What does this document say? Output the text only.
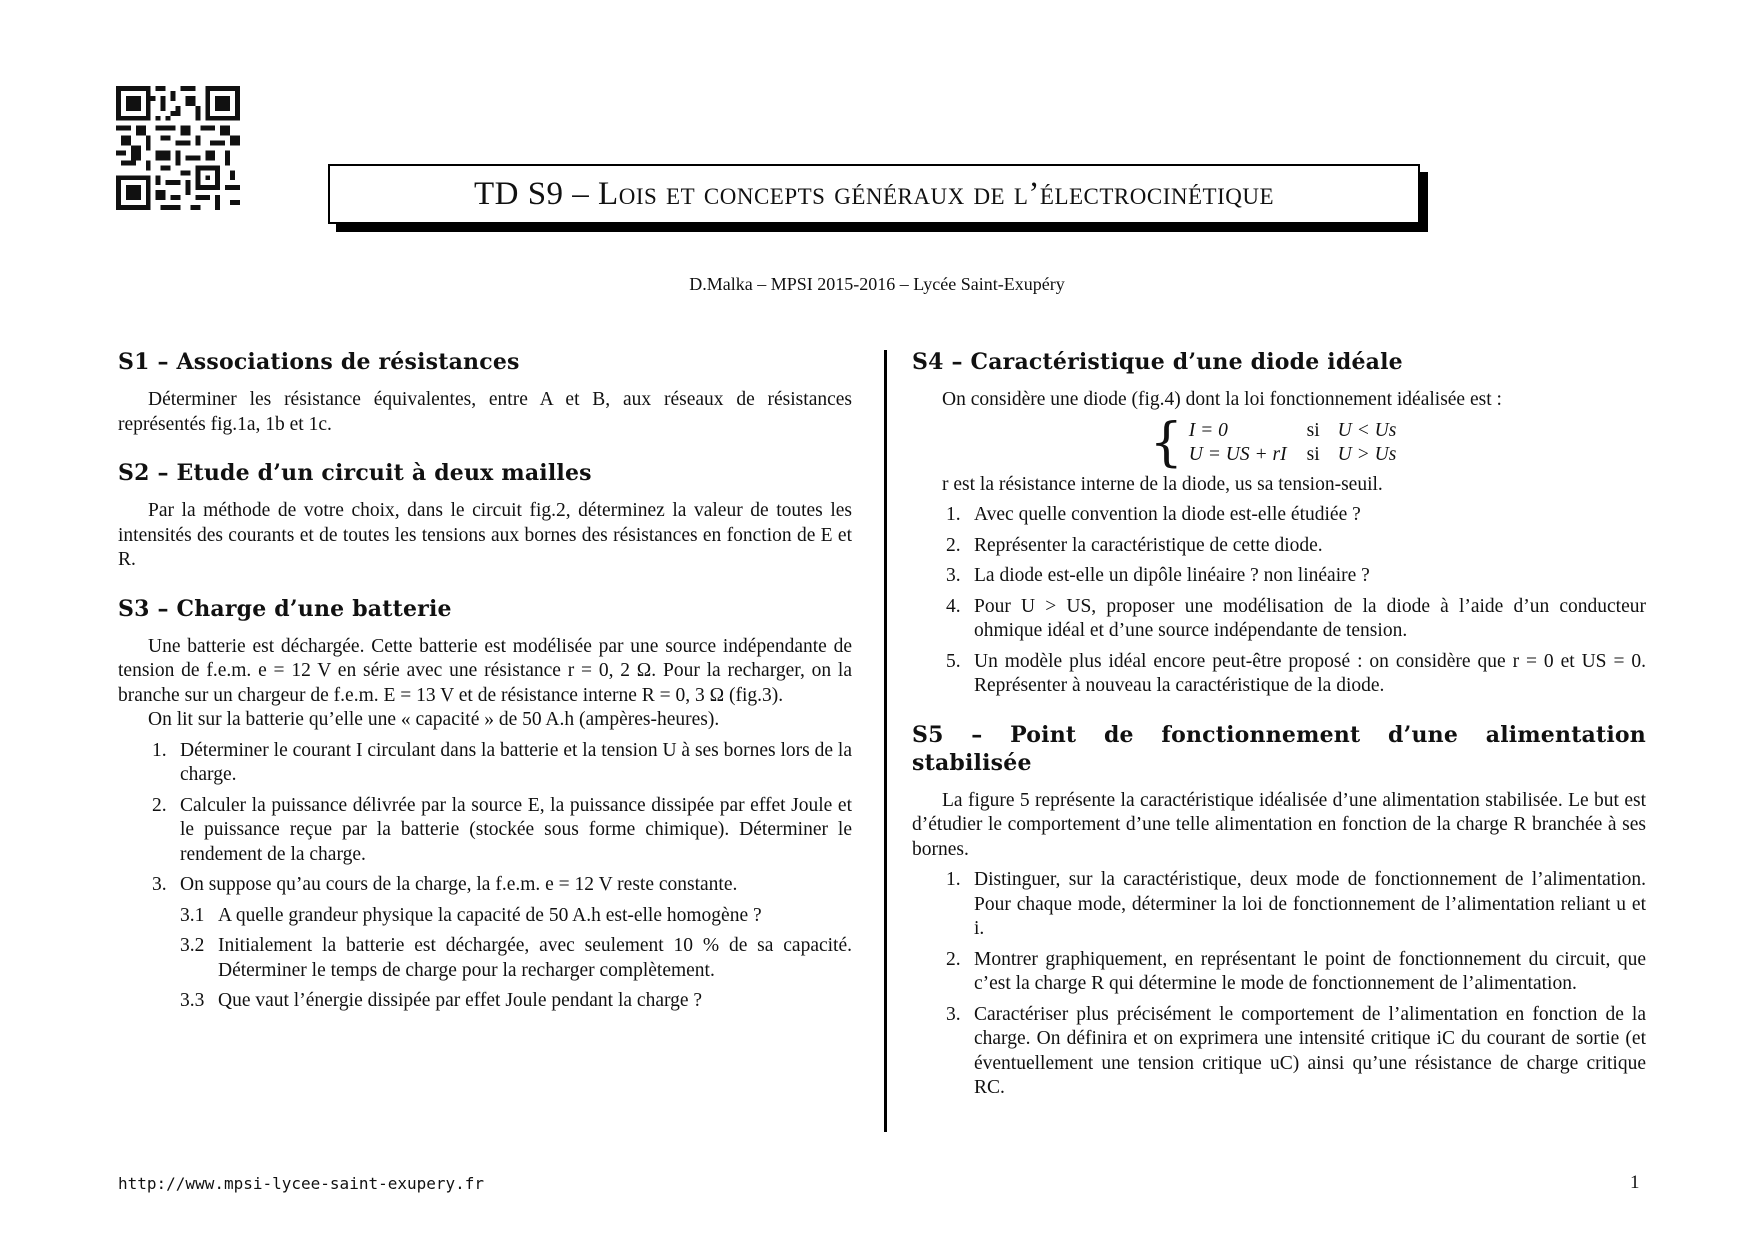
TD S9 – Lois et concepts généraux de l’électrocinétique
D.Malka – MPSI 2015-2016 – Lycée Saint-Exupéry
S1 – Associations de résistances

Déterminer les résistance équivalentes, entre A et B, aux réseaux de résistances représentés fig.1a, 1b et 1c.

S2 – Etude d’un circuit à deux mailles

Par la méthode de votre choix, dans le circuit fig.2, déterminez la valeur de toutes les intensités des courants et de toutes les tensions aux bornes des résistances en fonction de E et R.

S3 – Charge d’une batterie

Une batterie est déchargée. Cette batterie est modélisée par une source indépendante de tension de f.e.m. e = 12 V en série avec une résistance r = 0, 2 Ω. Pour la recharger, on la branche sur un chargeur de f.e.m. E = 13 V et de résistance interne R = 0, 3 Ω (fig.3).

On lit sur la batterie qu’elle une « capacité » de 50 A.h (ampères-heures).

1. Déterminer le courant I circulant dans la batterie et la tension U à ses bornes lors de la charge.
2. Calculer la puissance délivrée par la source E, la puissance dissipée par effet Joule et le puissance reçue par la batterie (stockée sous forme chimique). Déterminer le rendement de la charge.
3. On suppose qu’au cours de la charge, la f.e.m. e = 12 V reste constante.
3.1 A quelle grandeur physique la capacité de 50 A.h est-elle homogène ?
3.2 Initialement la batterie est déchargée, avec seulement 10 % de sa capacité. Déterminer le temps de charge pour la recharger complètement.
3.3 Que vaut l’énergie dissipée par effet Joule pendant la charge ?
S4 – Caractéristique d’une diode idéale

On considère une diode (fig.4) dont la loi fonctionnement idéalisée est :

{ I = 0	si	U < Us
U = US + rI	si	U > Us

r est la résistance interne de la diode, us sa tension-seuil.

1. Avec quelle convention la diode est-elle étudiée ?
2. Représenter la caractéristique de cette diode.
3. La diode est-elle un dipôle linéaire ? non linéaire ?
4. Pour U > US, proposer une modélisation de la diode à l’aide d’un conducteur ohmique idéal et d’une source indépendante de tension.
5. Un modèle plus idéal encore peut-être proposé : on considère que r = 0 et US = 0. Représenter à nouveau la caractéristique de la diode.
S5 – Point de fonctionnement d’une alimentation stabilisée

La figure 5 représente la caractéristique idéalisée d’une alimentation stabilisée. Le but est d’étudier le comportement d’une telle alimentation en fonction de la charge R branchée à ses bornes.

1. Distinguer, sur la caractéristique, deux mode de fonctionnement de l’alimentation. Pour chaque mode, déterminer la loi de fonctionnement de l’alimentation reliant u et i.
2. Montrer graphiquement, en représentant le point de fonctionnement du circuit, que c’est la charge R qui détermine le mode de fonctionnement de l’alimentation.
3. Caractériser plus précisément le comportement de l’alimentation en fonction de la charge. On définira et on exprimera une intensité critique iC du courant de sortie (et éventuellement une tension critique uC) ainsi qu’une résistance de charge critique RC.
http://www.mpsi-lycee-saint-exupery.fr	1
